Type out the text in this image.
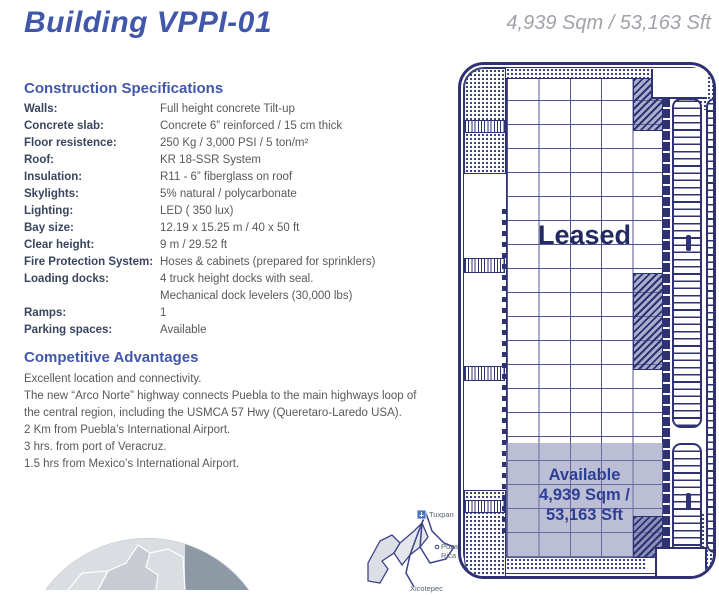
Building VPPI-01	4,939 Sqm / 53,163 Sft
Construction Specifications
Walls:	Full height concrete Tilt-up
Concrete slab:	Concrete 6” reinforced / 15 cm thick
Floor resistence:	250 Kg / 3,000 PSI / 5 ton/m²
Roof:	KR 18-SSR System
Insulation:	R11 - 6” fiberglass on roof
Skylights:	5% natural / polycarbonate
Lighting:	LED ( 350 lux)
Bay size:	12.19 x 15.25 m / 40 x 50 ft
Clear height:	9 m / 29.52 ft
Fire Protection System: Hoses & cabinets (prepared for sprinklers)
Loading docks:	4 truck height docks with seal.
Mechanical dock levelers (30,000 lbs)
Ramps:	1
Parking spaces:	Available
Competitive Advantages
Excellent location and connectivity.
The new “Arco Norte” highway connects Puebla to the main highways loop of
the central region, including the USMCA 57 Hwy (Queretaro-Laredo USA).
2 Km from Puebla’s International Airport.
3 hrs. from port of Veracruz.
1.5 hrs from Mexico’s International Airport.
Leased
Available
4,939 Sqm /
53,163 Sft
Tuxpan
Poza Rica
Xicotepec
